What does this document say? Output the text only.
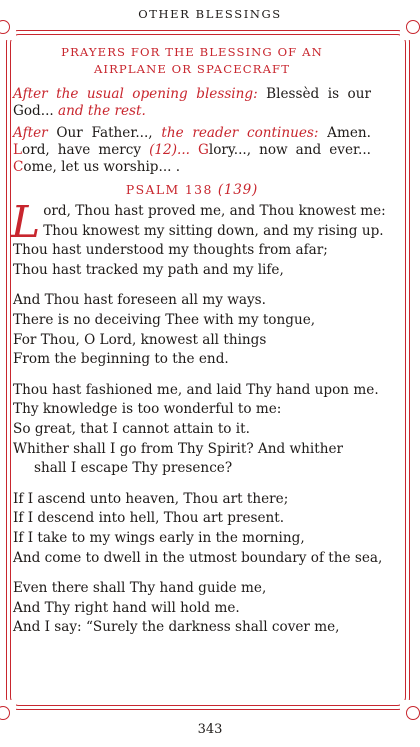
OTHER BLESSINGS
PRAYERS FOR THE BLESSING OF AN
AIRPLANE OR SPACECRAFT

After the usual opening blessing: Blessèd is our God... and the rest.

After Our Father..., the reader continues: Amen. Lord, have mercy (12)... Glory..., now and ever... Come, let us worship... .

PSALM 138 (139)
Lord, Thou hast proved me, and Thou knowest me:
Thou knowest my sitting down, and my rising up.
Thou hast understood my thoughts from afar;
Thou hast tracked my path and my life,
And Thou hast foreseen all my ways.
There is no deceiving Thee with my tongue,
For Thou, O Lord, knowest all things
From the beginning to the end.
Thou hast fashioned me, and laid Thy hand upon me.
Thy knowledge is too wonderful to me:
So great, that I cannot attain to it.
Whither shall I go from Thy Spirit? And whither
shall I escape Thy presence?
If I ascend unto heaven, Thou art there;
If I descend into hell, Thou art present.
If I take to my wings early in the morning,
And come to dwell in the utmost boundary of the sea,
Even there shall Thy hand guide me,
And Thy right hand will hold me.
And I say: “Surely the darkness shall cover me,
343
